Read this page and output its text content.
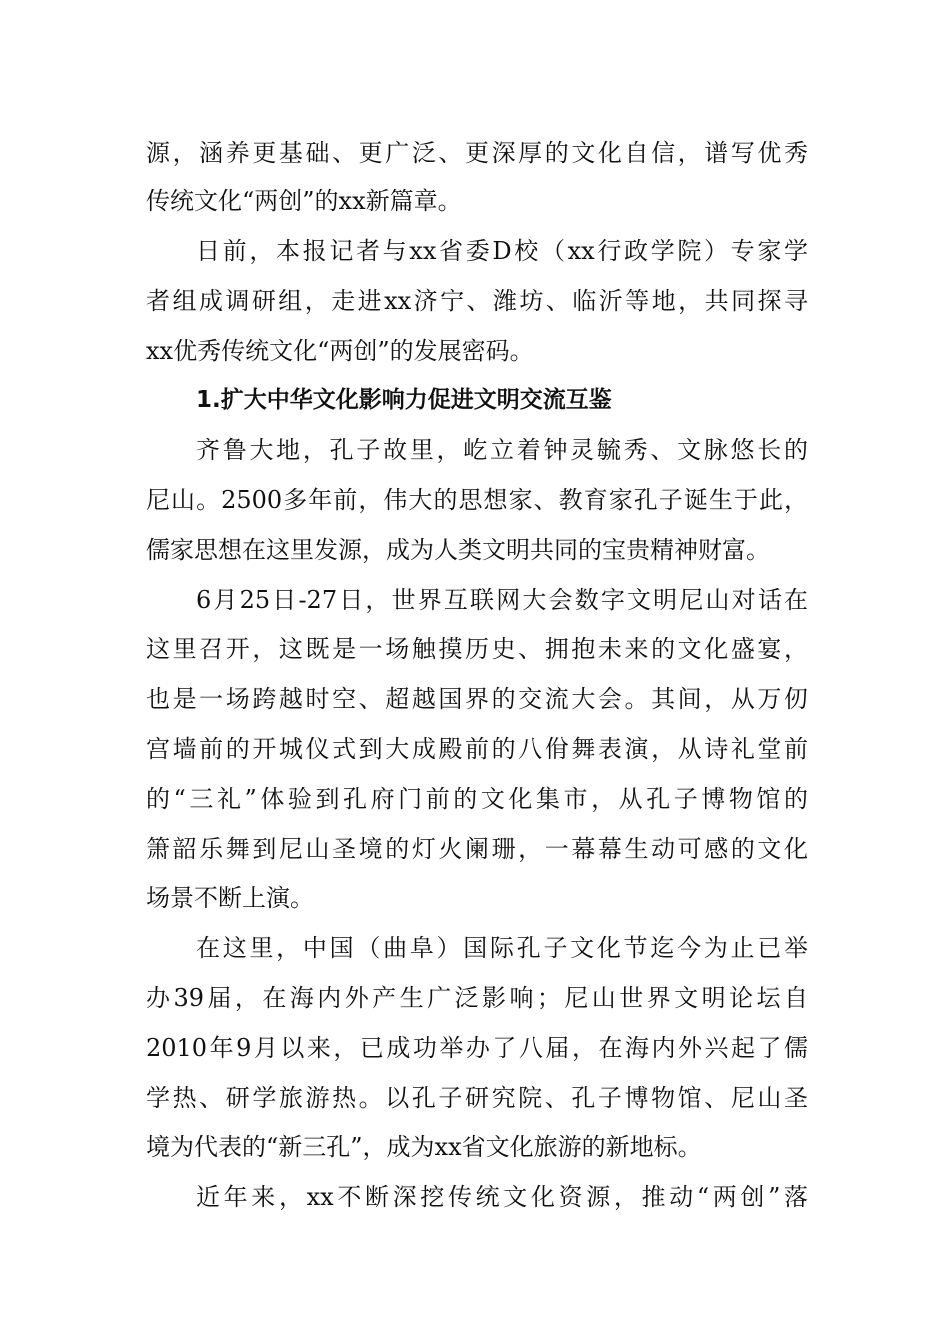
源，涵养更基础、更广泛、更深厚的文化自信，谱写优秀
传统文化“两创”的xx新篇章。
日前，本报记者与xx省委D校（xx行政学院）专家学
者组成调研组，走进xx济宁、潍坊、临沂等地，共同探寻
xx优秀传统文化“两创”的发展密码。
1.扩大中华文化影响力促进文明交流互鉴
齐鲁大地，孔子故里，屹立着钟灵毓秀、文脉悠长的
尼山。2500多年前，伟大的思想家、教育家孔子诞生于此，
儒家思想在这里发源，成为人类文明共同的宝贵精神财富。
6月25日-27日，世界互联网大会数字文明尼山对话在
这里召开，这既是一场触摸历史、拥抱未来的文化盛宴，
也是一场跨越时空、超越国界的交流大会。其间，从万仞
宫墙前的开城仪式到大成殿前的八佾舞表演，从诗礼堂前
的“三礼”体验到孔府门前的文化集市，从孔子博物馆的
箫韶乐舞到尼山圣境的灯火阑珊，一幕幕生动可感的文化
场景不断上演。
在这里，中国（曲阜）国际孔子文化节迄今为止已举
办39届，在海内外产生广泛影响；尼山世界文明论坛自
2010年9月以来，已成功举办了八届，在海内外兴起了儒
学热、研学旅游热。以孔子研究院、孔子博物馆、尼山圣
境为代表的“新三孔”，成为xx省文化旅游的新地标。
近年来，xx不断深挖传统文化资源，推动“两创”落
